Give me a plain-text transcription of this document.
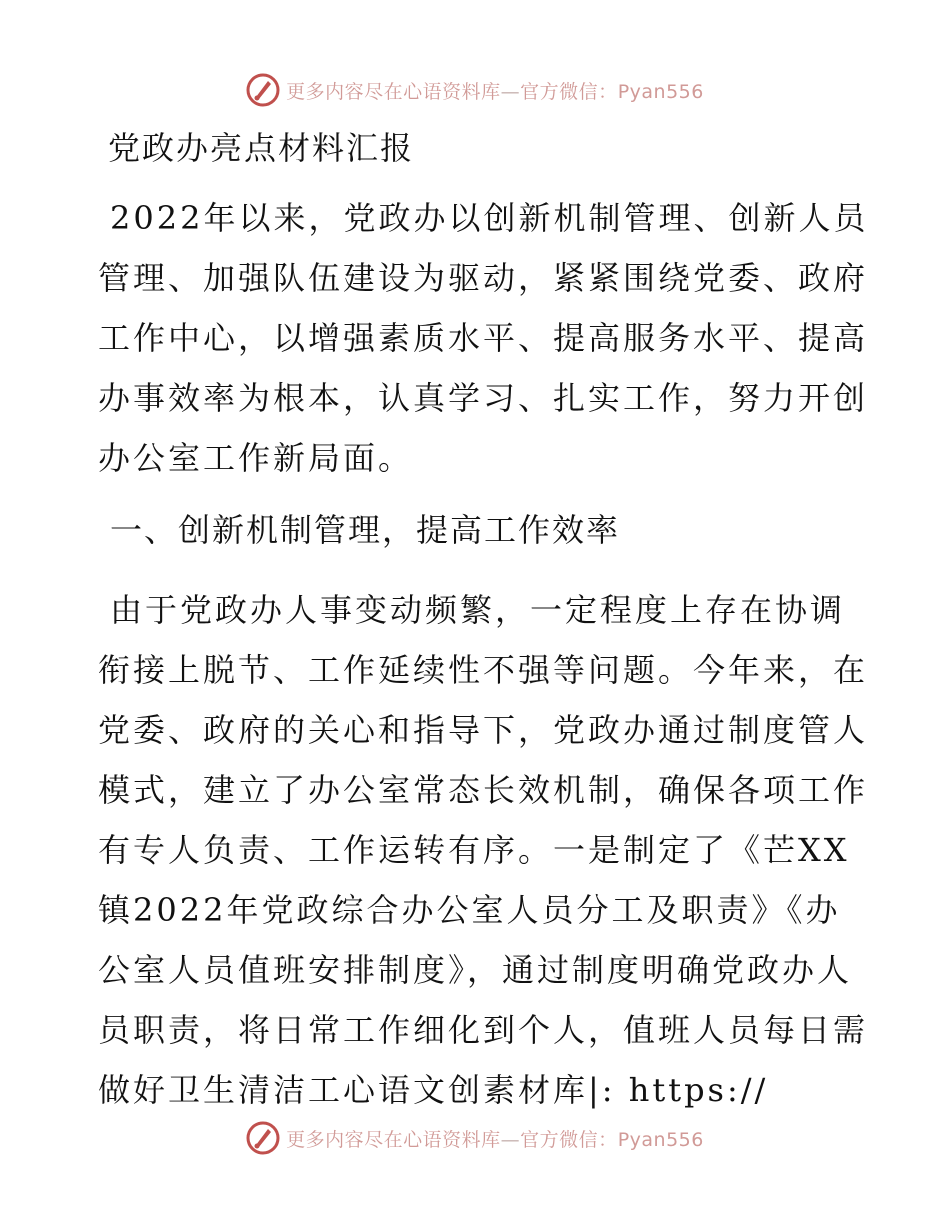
更多内容尽在心语资料库—官方微信：Pyan556
党政办亮点材料汇报

2022年以来，党政办以创新机制管理、创新人员
管理、加强队伍建设为驱动，紧紧围绕党委、政府
工作中心，以增强素质水平、提高服务水平、提高
办事效率为根本，认真学习、扎实工作，努力开创
办公室工作新局面。

一、创新机制管理，提高工作效率

由于党政办人事变动频繁，一定程度上存在协调
衔接上脱节、工作延续性不强等问题。今年来，在
党委、政府的关心和指导下，党政办通过制度管人
模式，建立了办公室常态长效机制，确保各项工作
有专人负责、工作运转有序。一是制定了《芒XX
镇2022年党政综合办公室人员分工及职责》《办
公室人员值班安排制度》，通过制度明确党政办人
员职责，将日常工作细化到个人，值班人员每日需
做好卫生清洁工心语文创素材库|: https://

更多内容尽在心语资料库—官方微信：Pyan556
